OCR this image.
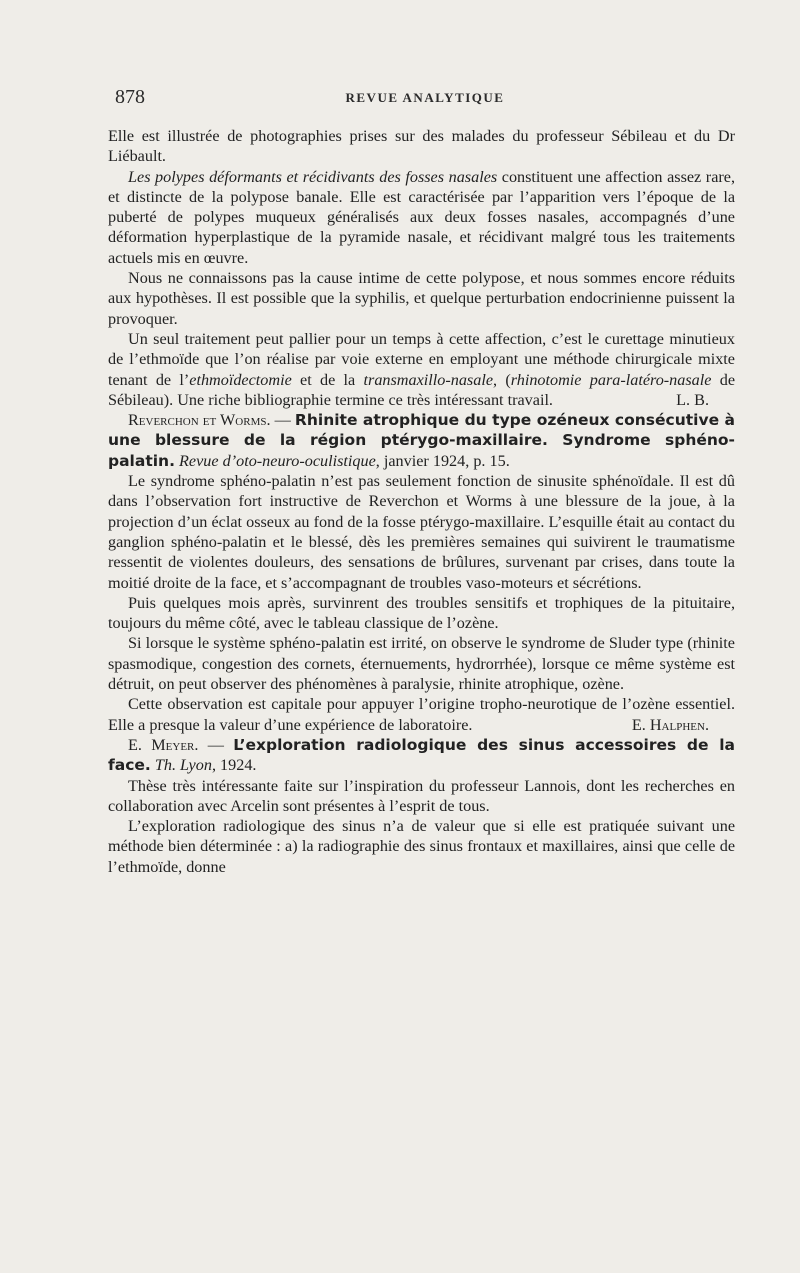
878	REVUE ANALYTIQUE

Elle est illustrée de photographies prises sur des malades du professeur Sébileau et du Dr Liébault.

Les polypes déformants et récidivants des fosses nasales constituent une affection assez rare, et distincte de la polypose banale. Elle est caractérisée par l’apparition vers l’époque de la puberté de polypes muqueux généralisés aux deux fosses nasales, accompagnés d’une déformation hyperplastique de la pyramide nasale, et récidivant malgré tous les traitements actuels mis en œuvre.

Nous ne connaissons pas la cause intime de cette polypose, et nous sommes encore réduits aux hypothèses. Il est possible que la syphilis, et quelque perturbation endocrinienne puissent la provoquer.

Un seul traitement peut pallier pour un temps à cette affection, c’est le curettage minutieux de l’ethmoïde que l’on réalise par voie externe en employant une méthode chirurgicale mixte tenant de l’ethmoïdectomie et de la transmaxillo-nasale, (rhinotomie para-latéro-nasale de Sébileau). Une riche bibliographie termine ce très intéressant travail.	L. B.

Reverchon et Worms. — Rhinite atrophique du type ozéneux consécutive à une blessure de la région ptérygo-maxillaire. Syndrome sphéno-palatin. Revue d’oto-neuro-oculistique, janvier 1924, p. 15.

Le syndrome sphéno-palatin n’est pas seulement fonction de sinusite sphénoïdale. Il est dû dans l’observation fort instructive de Reverchon et Worms à une blessure de la joue, à la projection d’un éclat osseux au fond de la fosse ptérygo-maxillaire. L’esquille était au contact du ganglion sphéno-palatin et le blessé, dès les premières semaines qui suivirent le traumatisme ressentit de violentes douleurs, des sensations de brûlures, survenant par crises, dans toute la moitié droite de la face, et s’accompagnant de troubles vaso-moteurs et sécrétions.

Puis quelques mois après, survinrent des troubles sensitifs et trophiques de la pituitaire, toujours du même côté, avec le tableau classique de l’ozène.

Si lorsque le système sphéno-palatin est irrité, on observe le syndrome de Sluder type (rhinite spasmodique, congestion des cornets, éternuements, hydrorrhée), lorsque ce même système est détruit, on peut observer des phénomènes à paralysie, rhinite atrophique, ozène.

Cette observation est capitale pour appuyer l’origine tropho-neurotique de l’ozène essentiel. Elle a presque la valeur d’une expérience de laboratoire.	E. Halphen.

E. Meyer. — L’exploration radiologique des sinus accessoires de la face. Th. Lyon, 1924.

Thèse très intéressante faite sur l’inspiration du professeur Lannois, dont les recherches en collaboration avec Arcelin sont présentes à l’esprit de tous.

L’exploration radiologique des sinus n’a de valeur que si elle est pratiquée suivant une méthode bien déterminée : a) la radiographie des sinus frontaux et maxillaires, ainsi que celle de l’ethmoïde, donne
